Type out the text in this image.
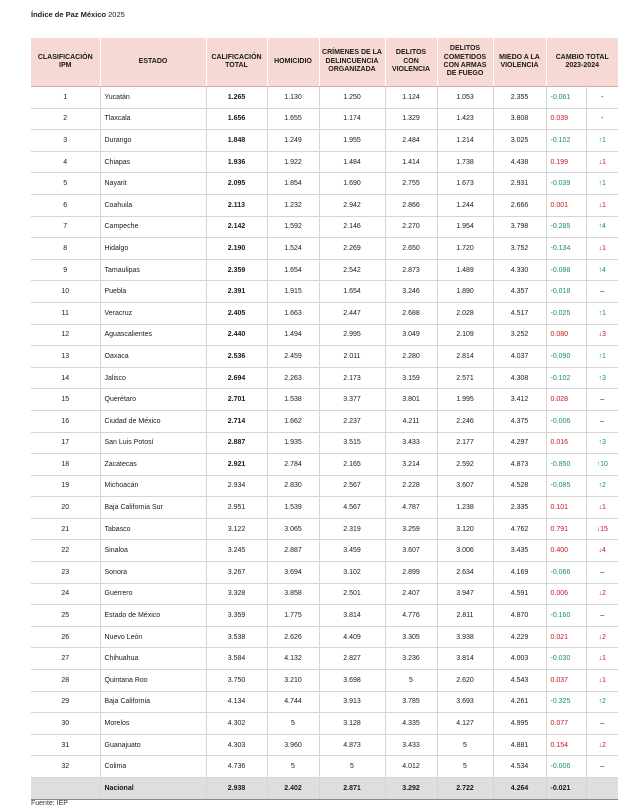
Índice de Paz México 2025
CLASIFICACIÓN IPM	ESTADO	CALIFICACIÓN TOTAL	HOMICIDIO	CRÍMENES DE LA DELINCUENCIA ORGANIZADA	DELITOS CON VIOLENCIA	DELITOS COMETIDOS CON ARMAS DE FUEGO	MIEDO A LA VIOLENCIA	CAMBIO TOTAL 2023-2024	
1	Yucatán	1.265	1.130	1.250	1.124	1.053	2.355	-0.061	-
2	Tlaxcala	1.656	1.655	1.174	1.329	1.423	3.808	0.039	-
3	Durango	1.848	1.249	1.955	2.484	1.214	3.025	-0.102	↑1
4	Chiapas	1.936	1.922	1.484	1.414	1.738	4.438	0.199	↓1
5	Nayarit	2.095	1.854	1.690	2.755	1.673	2.931	-0.039	↑1
6	Coahuila	2.113	1.232	2.942	2.866	1.244	2.666	0.001	↓1
7	Campeche	2.142	1.592	2.146	2.270	1.954	3.798	-0.285	↑4
8	Hidalgo	2.190	1.524	2.269	2.650	1.720	3.752	-0.134	↓1
9	Tamaulipas	2.359	1.654	2.542	2.873	1.489	4.330	-0.088	↑4
10	Puebla	2.391	1.915	1.654	3.246	1.890	4.357	-0.018	–
11	Veracruz	2.405	1.663	2.447	2.688	2.028	4.517	-0.025	↑1
12	Aguascalientes	2.440	1.494	2.995	3.049	2.109	3.252	0.080	↓3
13	Oaxaca	2.536	2.459	2.011	2.280	2.814	4.037	-0.090	↑1
14	Jalisco	2.694	2.263	2.173	3.159	2.571	4.308	-0.102	↑3
15	Querétaro	2.701	1.538	3.377	3.801	1.995	3.412	0.028	–
16	Ciudad de México	2.714	1.662	2.237	4.211	2.246	4.375	-0.006	–
17	San Luis Potosí	2.887	1.935	3.515	3.433	2.177	4.297	0.016	↑3
18	Zacatecas	2.921	2.784	2.165	3.214	2.592	4.873	-0.850	↑10
19	Michoacán	2.934	2.830	2.567	2.228	3.607	4.528	-0.085	↑2
20	Baja California Sur	2.951	1.539	4.567	4.787	1.238	2.335	0.101	↓1
21	Tabasco	3.122	3.065	2.319	3.259	3.120	4.762	0.791	↓15
22	Sinaloa	3.245	2.887	3.459	3.607	3.006	3.435	0.400	↓4
23	Sonora	3.267	3.694	3.102	2.899	2.634	4.169	-0.066	–
24	Guerrero	3.328	3.858	2.501	2.407	3.947	4.591	0.006	↓2
25	Estado de México	3.359	1.775	3.814	4.776	2.811	4.870	-0.160	–
26	Nuevo León	3.538	2.626	4.409	3.305	3.938	4.229	0.021	↓2
27	Chihuahua	3.584	4.132	2.827	3.236	3.814	4.003	-0.030	↓1
28	Quintana Roo	3.750	3.210	3.698	5	2.620	4.543	0.037	↓1
29	Baja California	4.134	4.744	3.913	3.785	3.693	4.261	-0.325	↑2
30	Morelos	4.302	5	3.128	4.335	4.127	4.995	0.077	–
31	Guanajuato	4.303	3.960	4.873	3.433	5	4.881	0.154	↓2
32	Colima	4.736	5	5	4.012	5	4.534	-0.006	–
	Nacional	2.938	2.402	2.871	3.292	2.722	4.264	-0.021	
Fuente: IEP
